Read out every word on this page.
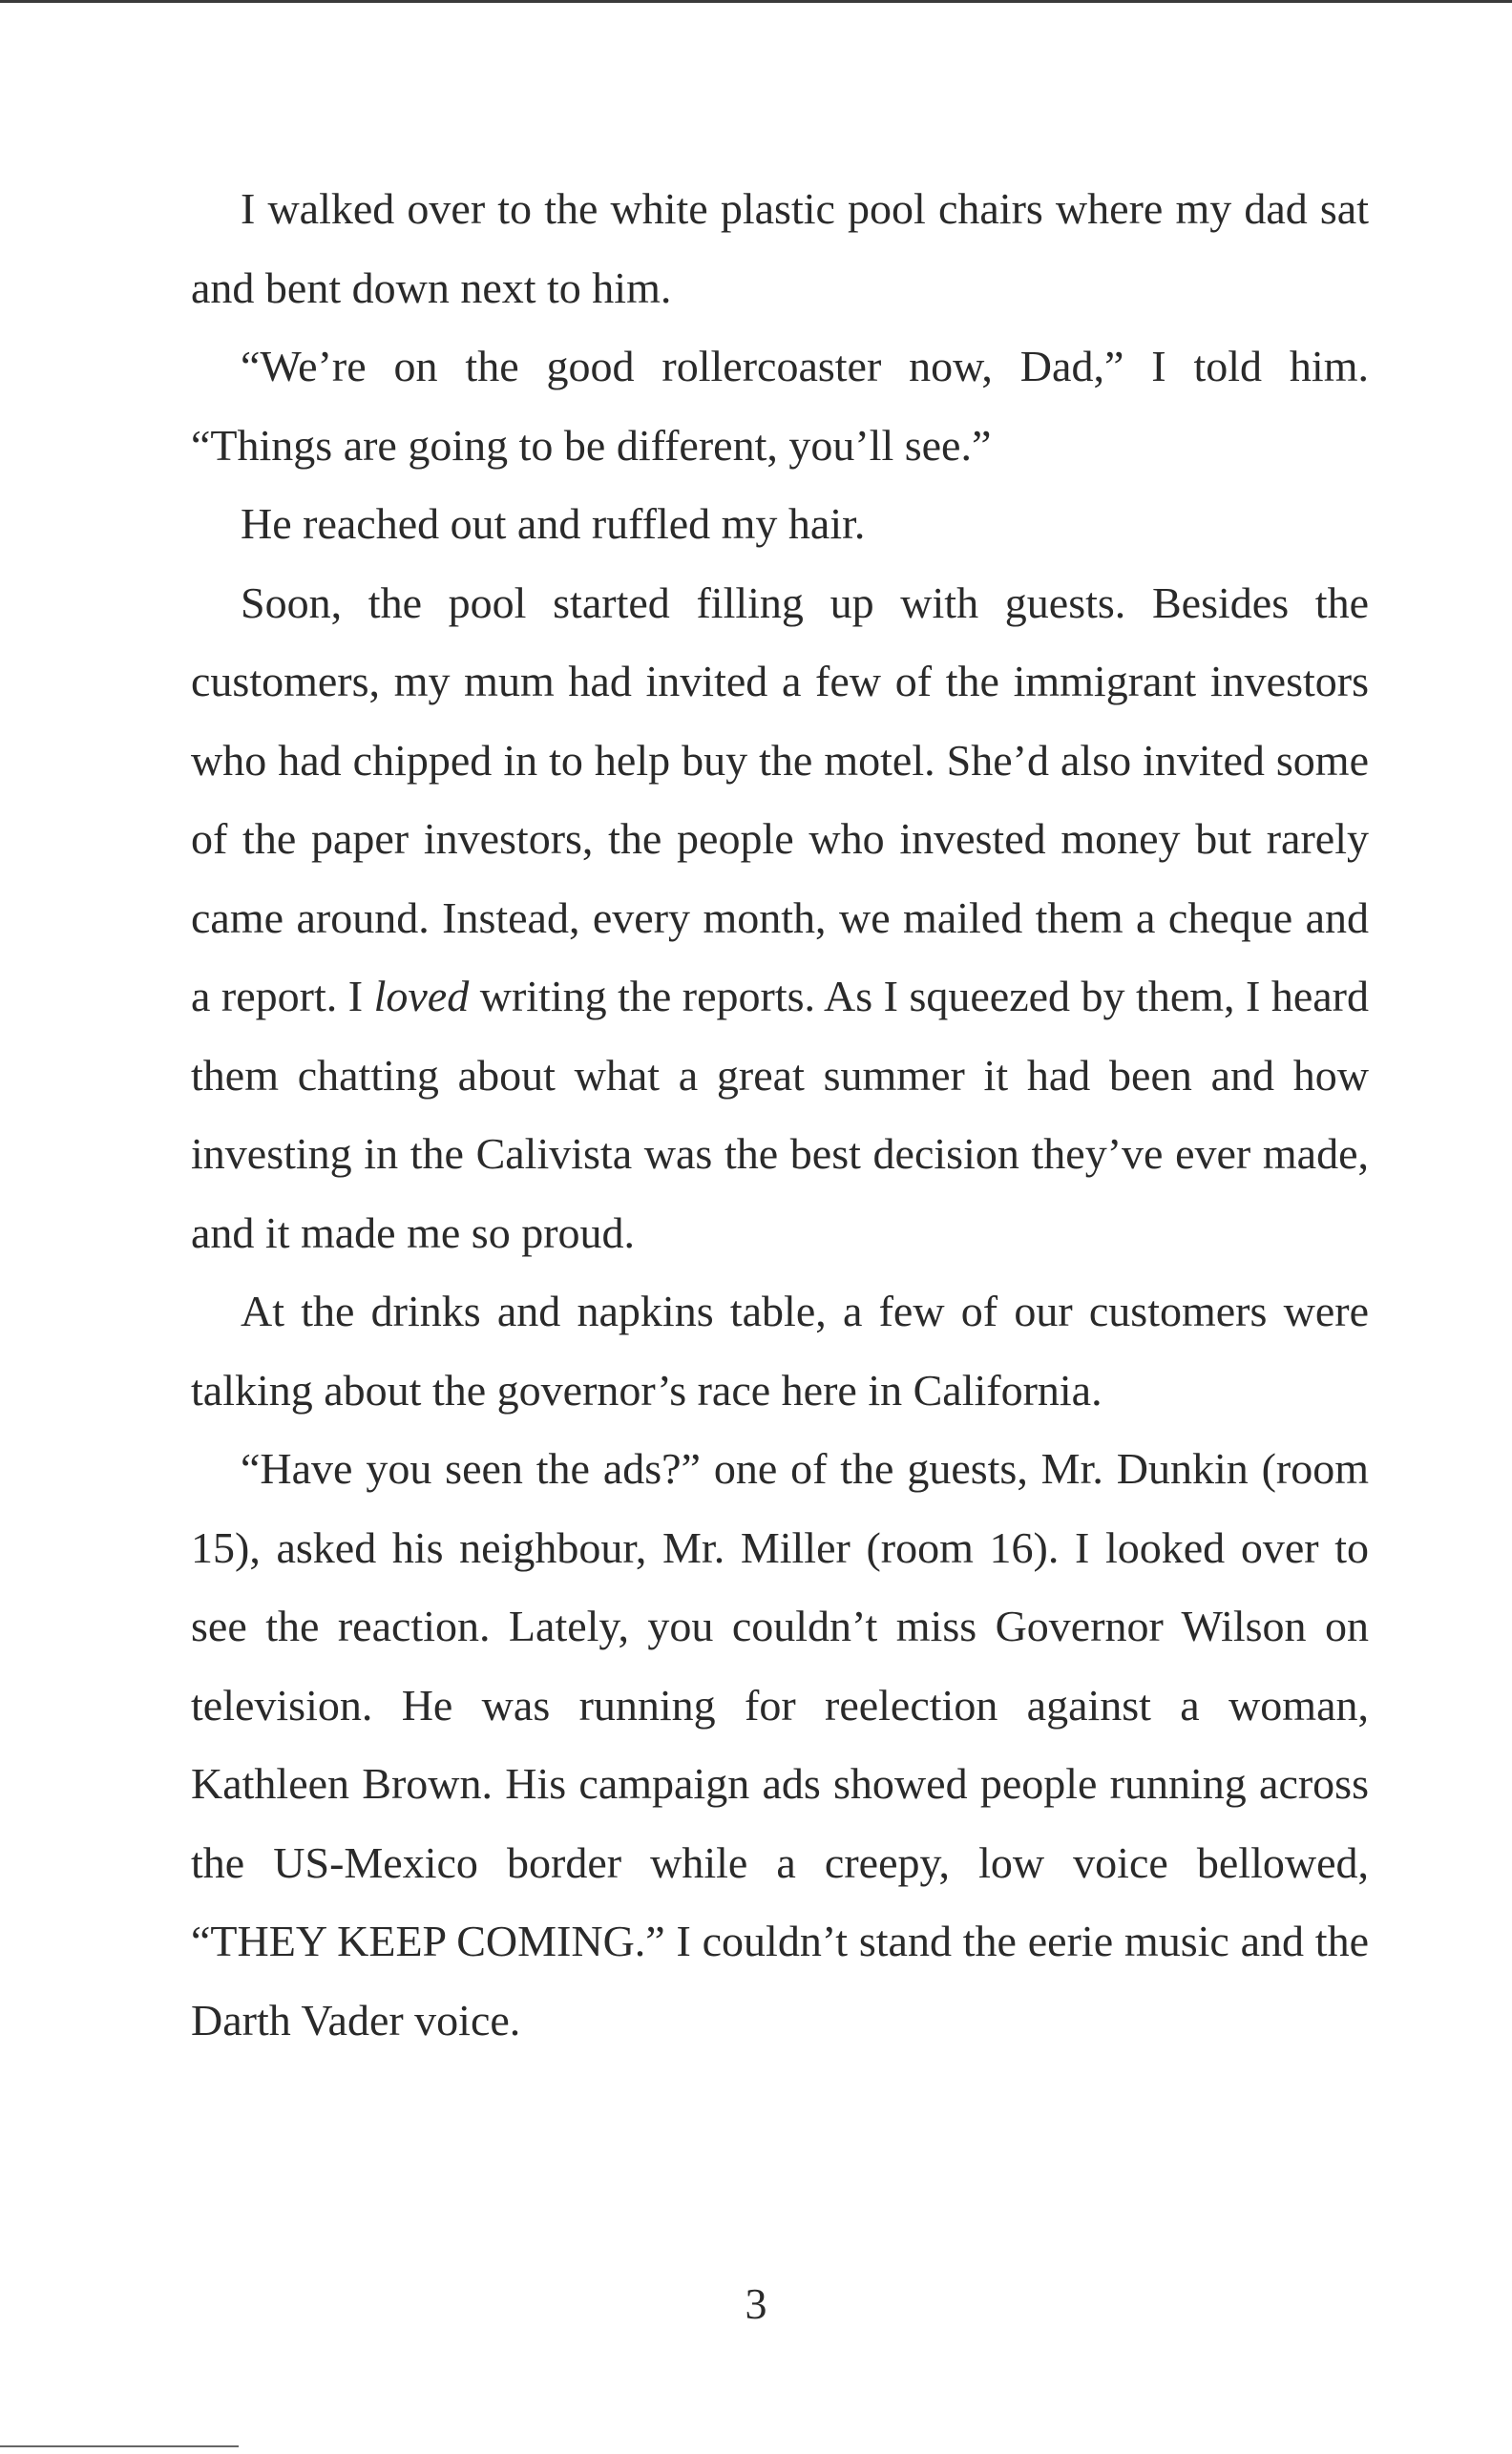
I walked over to the white plastic pool chairs where my dad sat and bent down next to him.

“We’re on the good rollercoaster now, Dad,” I told him. “Things are going to be different, you’ll see.”

He reached out and ruffled my hair.

Soon, the pool started filling up with guests. Besides the customers, my mum had invited a few of the immigrant investors who had chipped in to help buy the motel. She’d also invited some of the paper investors, the people who invested money but rarely came around. Instead, every month, we mailed them a cheque and a report. I loved writing the reports. As I squeezed by them, I heard them chatting about what a great summer it had been and how investing in the Calivista was the best decision they’ve ever made, and it made me so proud.

At the drinks and napkins table, a few of our customers were talking about the governor’s race here in California.

“Have you seen the ads?” one of the guests, Mr. Dunkin (room 15), asked his neighbour, Mr. Miller (room 16). I looked over to see the reaction. Lately, you couldn’t miss Governor Wilson on television. He was running for reelection against a woman, Kathleen Brown. His campaign ads showed people running across the US-Mexico border while a creepy, low voice bellowed, “THEY KEEP COMING.” I couldn’t stand the eerie music and the Darth Vader voice.

3
